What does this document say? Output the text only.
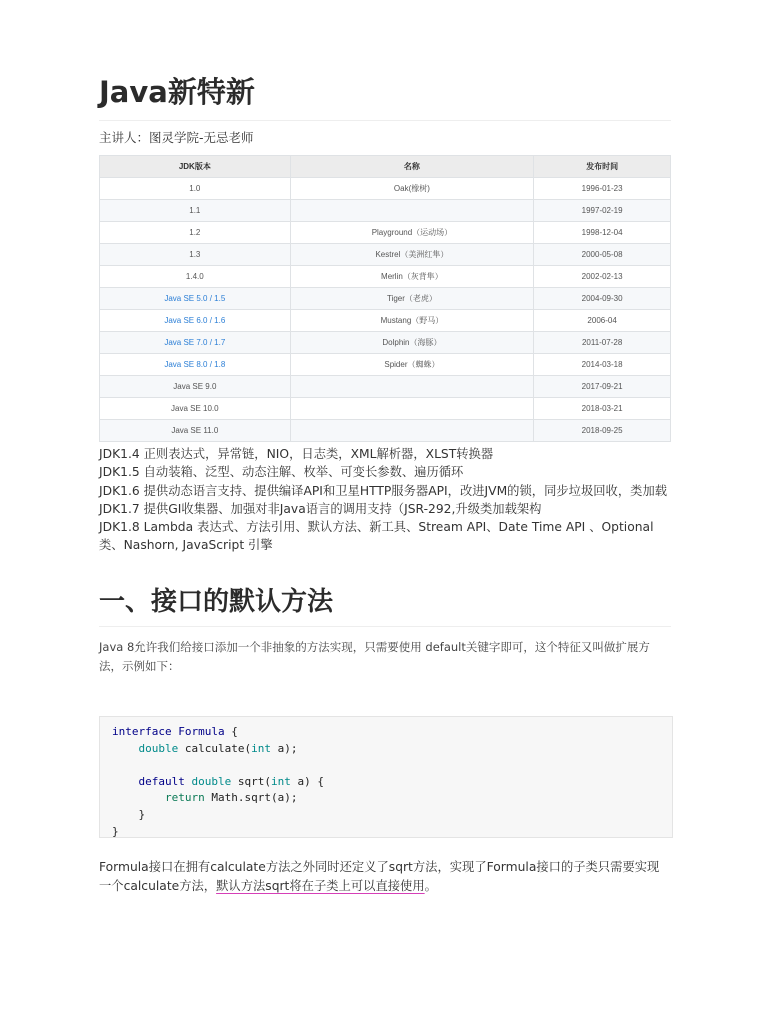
Java新特新
主讲人：图灵学院-无忌老师
JDK版本	名称	发布时间
1.0	Oak(橡树)	1996-01-23
1.1		1997-02-19
1.2	Playground（运动场）	1998-12-04
1.3	Kestrel（美洲红隼）	2000-05-08
1.4.0	Merlin（灰背隼）	2002-02-13
Java SE 5.0 / 1.5	Tiger（老虎）	2004-09-30
Java SE 6.0 / 1.6	Mustang（野马）	2006-04
Java SE 7.0 / 1.7	Dolphin（海豚）	2011-07-28
Java SE 8.0 / 1.8	Spider（蜘蛛）	2014-03-18
Java SE 9.0		2017-09-21
Java SE 10.0		2018-03-21
Java SE 11.0		2018-09-25

JDK1.4 正则表达式，异常链，NIO，日志类，XML解析器，XLST转换器

JDK1.5 自动装箱、泛型、动态注解、枚举、可变长参数、遍历循环

JDK1.6 提供动态语言支持、提供编译API和卫星HTTP服务器API，改进JVM的锁，同步垃圾回收，类加载

JDK1.7 提供GI收集器、加强对非Java语言的调用支持（JSR-292,升级类加载架构

JDK1.8 Lambda 表达式、方法引用、默认方法、新工具、Stream API、Date Time API 、Optional 类、Nashorn, JavaScript 引擎

一、接口的默认方法

Java 8允许我们给接口添加一个非抽象的方法实现，只需要使用 default关键字即可，这个特征又叫做扩展方法，示例如下：

interface Formula {
double calculate(int a);

default double sqrt(int a) {
return Math.sqrt(a);
}
}

Formula接口在拥有calculate方法之外同时还定义了sqrt方法，实现了Formula接口的子类只需要实现一个calculate方法，默认方法sqrt将在子类上可以直接使用。
